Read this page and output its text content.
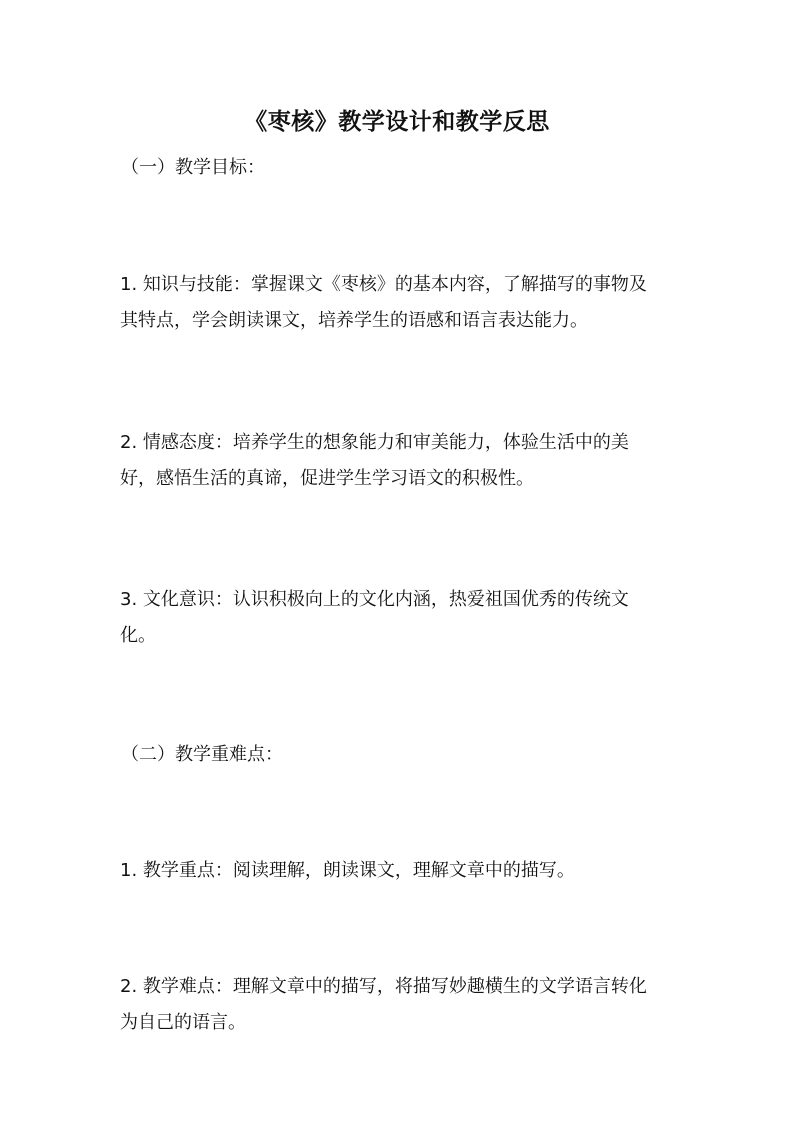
《枣核》教学设计和教学反思
（一）教学目标：
1. 知识与技能：掌握课文《枣核》的基本内容，了解描写的事物及
其特点，学会朗读课文，培养学生的语感和语言表达能力。
2. 情感态度：培养学生的想象能力和审美能力，体验生活中的美
好，感悟生活的真谛，促进学生学习语文的积极性。
3. 文化意识：认识积极向上的文化内涵，热爱祖国优秀的传统文
化。
（二）教学重难点：
1. 教学重点：阅读理解，朗读课文，理解文章中的描写。
2. 教学难点：理解文章中的描写，将描写妙趣横生的文学语言转化
为自己的语言。
